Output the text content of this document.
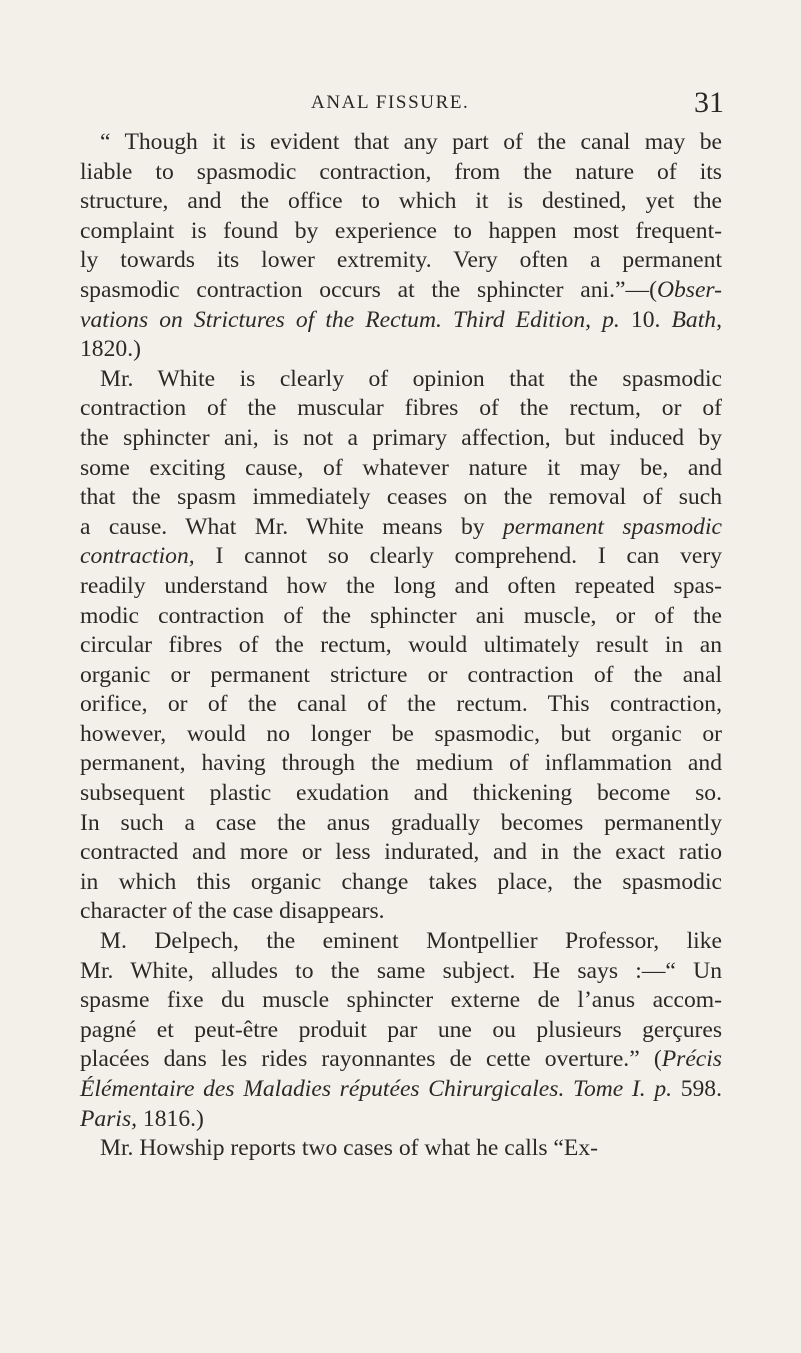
ANAL FISSURE.	31
“ Though it is evident that any part of the canal may be
liable to spasmodic contraction, from the nature of its
structure, and the office to which it is destined, yet the
complaint is found by experience to happen most frequent-
ly towards its lower extremity. Very often a permanent
spasmodic contraction occurs at the sphincter ani.”—(Obser-
vations on Strictures of the Rectum. Third Edition, p. 10. Bath,
1820.)
Mr. White is clearly of opinion that the spasmodic
contraction of the muscular fibres of the rectum, or of
the sphincter ani, is not a primary affection, but induced by
some exciting cause, of whatever nature it may be, and
that the spasm immediately ceases on the removal of such
a cause. What Mr. White means by permanent spasmodic
contraction, I cannot so clearly comprehend. I can very
readily understand how the long and often repeated spas-
modic contraction of the sphincter ani muscle, or of the
circular fibres of the rectum, would ultimately result in an
organic or permanent stricture or contraction of the anal
orifice, or of the canal of the rectum. This contraction,
however, would no longer be spasmodic, but organic or
permanent, having through the medium of inflammation and
subsequent plastic exudation and thickening become so.
In such a case the anus gradually becomes permanently
contracted and more or less indurated, and in the exact ratio
in which this organic change takes place, the spasmodic
character of the case disappears.
M. Delpech, the eminent Montpellier Professor, like
Mr. White, alludes to the same subject. He says :—“ Un
spasme fixe du muscle sphincter externe de l’anus accom-
pagné et peut-être produit par une ou plusieurs gerçures
placées dans les rides rayonnantes de cette overture.” (Précis
Élémentaire des Maladies réputées Chirurgicales. Tome I. p. 598.
Paris, 1816.)
Mr. Howship reports two cases of what he calls “Ex-
